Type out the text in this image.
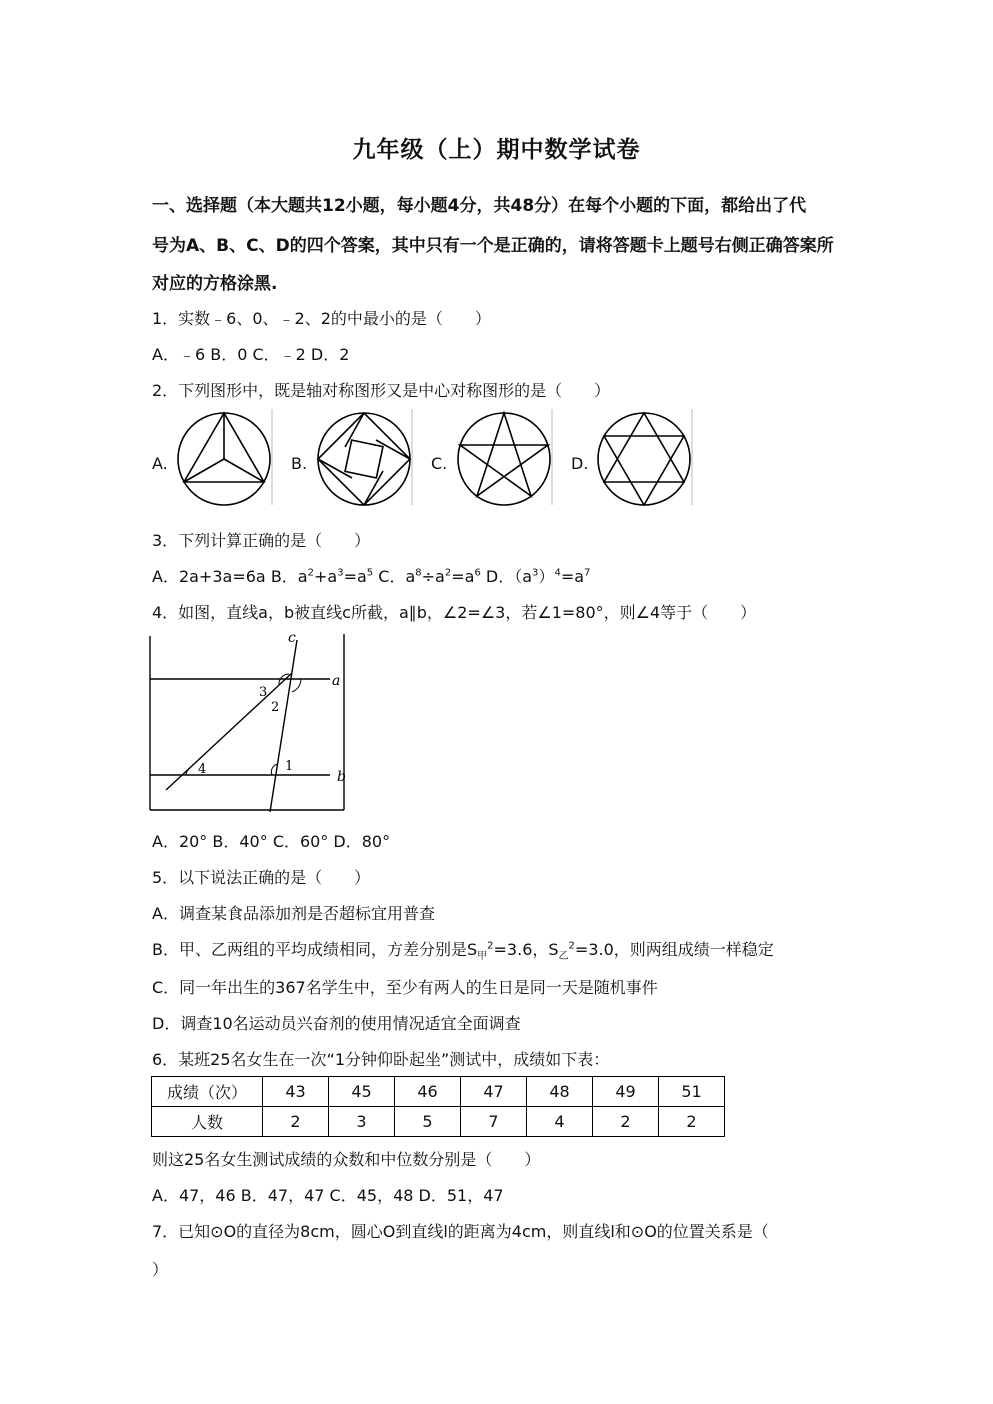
九年级（上）期中数学试卷
一、选择题（本大题共12小题，每小题4分，共48分）在每个小题的下面，都给出了代
号为A、B、C、D的四个答案，其中只有一个是正确的，请将答题卡上题号右侧正确答案所
对应的方格涂黑.
1．实数﹣6、0、﹣2、2的中最小的是（　　）
A．﹣6 B．0 C．﹣2 D．2
2．下列图形中，既是轴对称图形又是中心对称图形的是（　　）
A.	B.	C.	D.
3．下列计算正确的是（　　）
A．2a+3a=6a B．$a^2+a^3=a^5$ C．$a^8\div a^2=a^6$ D．$(a^3)^4=a^7$
4．如图，直线a，b被直线c所截，a∥b，∠2=∠3，若∠1=80°，则∠4等于（　　）
c
a
b
3
2
1
4
A．20° B．40° C．60° D．80°
5．以下说法正确的是（　　）
A．调查某食品添加剂是否超标宜用普查
B．甲、乙两组的平均成绩相同，方差分别是$S_甲^2=3.6$，$S_乙^2=3.0$，则两组成绩一样稳定
C．同一年出生的367名学生中，至少有两人的生日是同一天是随机事件
D．调查10名运动员兴奋剂的使用情况适宜全面调查
6．某班25名女生在一次“1分钟仰卧起坐”测试中，成绩如下表：
成绩（次）	43	45	46	47	48	49	51
人数	2	3	5	7	4	2	2
则这25名女生测试成绩的众数和中位数分别是（　　）
A．47，46 B．47，47 C．45，48 D．51，47
7．已知⊙O的直径为8cm，圆心O到直线l的距离为4cm，则直线l和⊙O的位置关系是（
）
